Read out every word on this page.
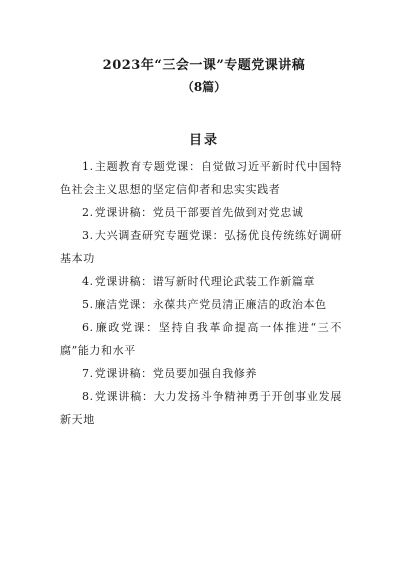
2023年“三会一课”专题党课讲稿
（8篇）
目录
1.主题教育专题党课：自觉做习近平新时代中国特色社会主义思想的坚定信仰者和忠实实践者
2.党课讲稿：党员干部要首先做到对党忠诚
3.大兴调查研究专题党课：弘扬优良传统练好调研基本功
4.党课讲稿：谱写新时代理论武装工作新篇章
5.廉洁党课：永葆共产党员清正廉洁的政治本色
6.廉政党课：坚持自我革命提高一体推进“三不腐”能力和水平
7.党课讲稿：党员要加强自我修养
8.党课讲稿：大力发扬斗争精神勇于开创事业发展新天地
